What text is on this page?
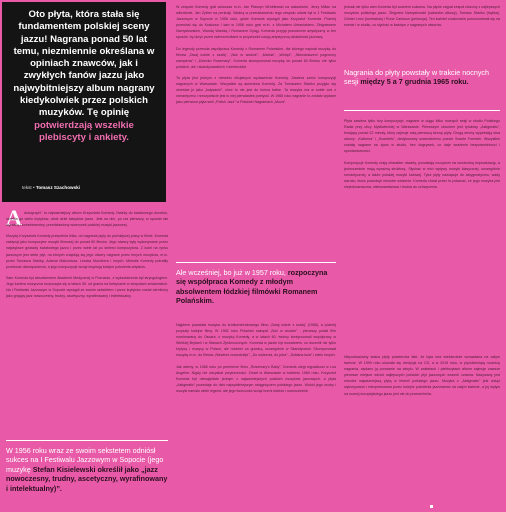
Oto płyta, która stała się fundamentem polskiej sceny jazzu! Nagrana ponad 50 lat temu, niezmiennie określana w opiniach znawców, jak i zwykłych fanów jazzu jako najwybitniejszy album nagrany kiedykolwiek przez polskich muzyków. Tę opinię potwierdzają wszelkie plebiscyty i ankiety.

tekst • Tomasz Szachowski

W zespole Komedy grał wówczas m.in. Jan Ptaszyn Wróblewski na saksofonie, Jerzy Milian na wibrafonie, Jan Zylber na perkusji. Ważną w przedstawieniu tego zespołu udział był w 1 Festiwalu Jazzowym w Sopocie w 1956 roku, gdzie Komeda wystąpił jako Krzysztof Komeda. Później przeniósł się do Krakowa i tam w 1958 roku grał m.in. z Michałem Urbaniakiem, Zbigniewem Namysłowskim, Wandą Warską i Romanem Dyląg. Komeda przyjął pseudonim artystyczny w ten sposób, by ukryć przed zwierzchnikami w przychodni swoją artystyczną działalność jazzową.

Do legendy przeszła współpraca Komedy z Romanem Polańskim, dla którego napisał muzykę do filmów „Dwaj ludzie z szafą”, „Nóż w wodzie”, „Matnia”, „Wstręt”, „Nieustraszeni pogromcy wampirów” i „Dziecko Rosemary”. Komeda skomponował muzykę do ponad 60 filmów, nie tylko polskich, ale i skandynawskich i niemieckich.

Ta płyta jest jednym z niewielu oficjalnych wydawnictw Komedy. Zawiera sześć kompozycji nagranych w Warszawie. Wszystkie są autorstwa Komedy. Za Tomaszem Stańko przyjęło się określać je jako „kołysanki”, choć to nie jest do końca trafne. Ta muzyka ma w sobie coś z romantyzmu i rzeczywiście jest w niej pierwiastek poetycki. W 1965 roku nagranie to zostało wydane jako pierwsza płyta serii „Polish Jazz” w Polskich Nagraniach „Muza”.

jednak nie tylko sam Komeda był autorem sukcesu. Na płycie zagrał zespół złożony z najlepszych muzyków polskiego jazzu: Zbigniew Namysłowski (saksofon altowy), Tomasz Stańko (trąbka), Günter Lenz (kontrabas) i Rune Carlsson (perkusja). Ten kwintet znakomicie porozumiewał się na scenie i w studiu, co słychać w każdym z nagranych utworów.

Nagrania do płyty powstały w trakcie nocnych sesji między 5 a 7 grudnia 1965 roku.

Płyta zawiera tylko trzy kompozycje, nagrane w ciągu kilku nocnych sesji w studiu Polskiego Radia przy ulicy Myśliwieckiej w Warszawie. Pierwszym utworem jest tytułowy „Astigmatic”, trwający ponad 22 minuty, który zajmuje całą pierwszą stronę płyty. Drugą stronę wypełniają dwa utwory: „Kattorna” i „Svantetic”, dedykowany szwedzkiemu poecie Svante Foerster. Wszystkie zostały nagrane na żywo w studiu, bez dogrywek, co daje wrażenie bezpośredniości i spontaniczności.

Kompozycje Komedy mają charakter otwarty, pozwalają muzykom na swobodną improwizację, a jednocześnie mają wyraźną strukturę. Słychać w nich wpływy muzyki klasycznej, szczególnie romantycznej, a także polskiej muzyki ludowej. Tytuł płyty nawiązuje do astygmatyzmu, wady wzroku, która powoduje nieostre widzenie. Komeda chciał przez to pokazać, że jego muzyka jest niejednoznaczna, wielowarstwowa i trudna do uchwycenia.

Niepodważalny status płyty potwierdza fakt, że była ona wielokrotnie wznawiana na całym świecie. W 1999 roku ukazała się reedycja na CD, a w 2015 roku, w pięćdziesiątą rocznicę nagrania, wydano ją ponownie na winylu. W ankietach i plebiscytach album zajmuje zawsze pierwsze miejsce wśród najlepszych polskich płyt jazzowych wszech czasów. Nazywany jest również najważniejszą płytą w historii polskiego jazzu. Muzyka z „Astigmatic” jest wciąż wykonywana i interpretowana przez kolejne pokolenia jazzmanów na całym świecie, a jej wpływ na rozwój europejskiego jazzu jest nie do przecenienia.

A Autograph”. to najważniejszy album Krzysztofa Komedy. Należy do światowego dorobku, określa go wielu krytyków, obok dzieł klasyków jazzu. Jest na nim, po raz pierwszy, w sposób tak wyraźny i konsekwentny, przedstawiony wizerunek polskiej muzyki jazzowej.

Muzykę Krzysztofa Komedy przepełnia lirika, od nagrania płyty do późniejszej pracy w filmie. Komeda zasłynął jako kompozytor muzyki filmowej do ponad 60 filmów. Jego utwory były wykonywane przez największe gwiazdy światowego jazzu i przez wiele lat po śmierci kompozytora. Z kolei na rynku jazzowym jest wiele płyt, na których znajdują się jego utwory nagrane przez innych muzyków, m.in. przez Tomasza Stańkę, Adama Makowicza, Leszka Możdżera i innych. Melodie Komedy potrafiły przetrwać dziesięciolecia, a jego kompozycje wciąż inspirują kolejne pokolenia artystów.

Sam Komeda był absolwentem Akademii Medycznej w Poznaniu, z wykształcenia był laryngologiem. Jego kariera muzyczna rozpoczęła się w latach 50. od grania na fortepianie w zespołach amatorskich. Na I Festiwalu Jazzowym w Sopocie wystąpił ze swoim sekstetem i przez krytyków został określony jako grający jazz nowoczesny, trudny, ascetyczny, wyrafinowany i intelektualny.

W 1956 roku wraz ze swoim sekstetem odniósł sukces na I Festiwalu Jazzowym w Sopocie (jego muzykę Stefan Kisielewski określił jako „jazz nowoczesny, trudny, ascetyczny, wyrafinowany i intelektualny)”.
Ale wcześniej, bo już w 1957 roku, rozpoczyna się współpraca Komedy z młodym absolwentem łódzkiej filmówki Romanem Polańskim.

Najpierw powstała muzyka do krótkometrażowego filmu „Dwaj ludzie z szafą” (1958), a później przyszły kolejne filmy. W 1962 roku Polański nakręcił „Nóż w wodzie” - pierwszy polski film nominowany do Oscara, z muzyką Komedy, a w latach 60. twórcy kontynuowali współpracę w Wielkiej Brytanii i w Stanach Zjednoczonych. Komeda w jazzie był nowatorem, co docenili nie tylko krytycy i muzycy w Polsce, ale również za granicą, szczególnie w Skandynawii. Skomponował muzykę m.in. do filmów „Niewinni czarodzieje”, „Do widzenia, do jutra”, „Szklana kula” i wielu innych.

Jak wiemy, w 1968 roku po premierze filmu „Rosemary's Baby”, Komeda uległ wypadkowi w Los Angeles. Nigdy nie odzyskał przytomności. Zmarł w Warszawie w kwietniu 1969 roku. Krzysztof Komeda był niewątpliwie jednym z najważniejszych polskich muzyków jazzowych, a płyta „Astigmatic” pozostaje do dziś najwybitniejszym osiągnięciem polskiego jazzu. Wokół jego osoby i muzyki narosło wiele legend, ale jego twórczość wciąż brzmi świeżo i nowocześnie.
